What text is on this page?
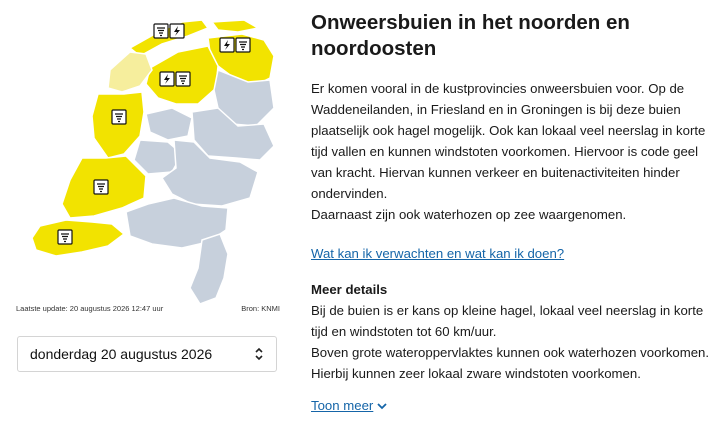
Laatste update: 20 augustus 2026 12:47 uur	Bron: KNMI
donderdag 20 augustus 2026
Onweersbuien in het noorden en noordoosten

Er komen vooral in de kustprovincies onweersbuien voor. Op de Waddeneilanden, in Friesland en in Groningen is bij deze buien plaatselijk ook hagel mogelijk. Ook kan lokaal veel neerslag in korte tijd vallen en kunnen windstoten voorkomen. Hiervoor is code geel van kracht. Hiervan kunnen verkeer en buitenactiviteiten hinder ondervinden.

Daarnaast zijn ook waterhozen op zee waargenomen.

Wat kan ik verwachten en wat kan ik doen?
Meer details

Bij de buien is er kans op kleine hagel, lokaal veel neerslag in korte tijd en windstoten tot 60 km/uur.

Boven grote wateroppervlaktes kunnen ook waterhozen voorkomen.

Hierbij kunnen zeer lokaal zware windstoten voorkomen.

Toon meer
